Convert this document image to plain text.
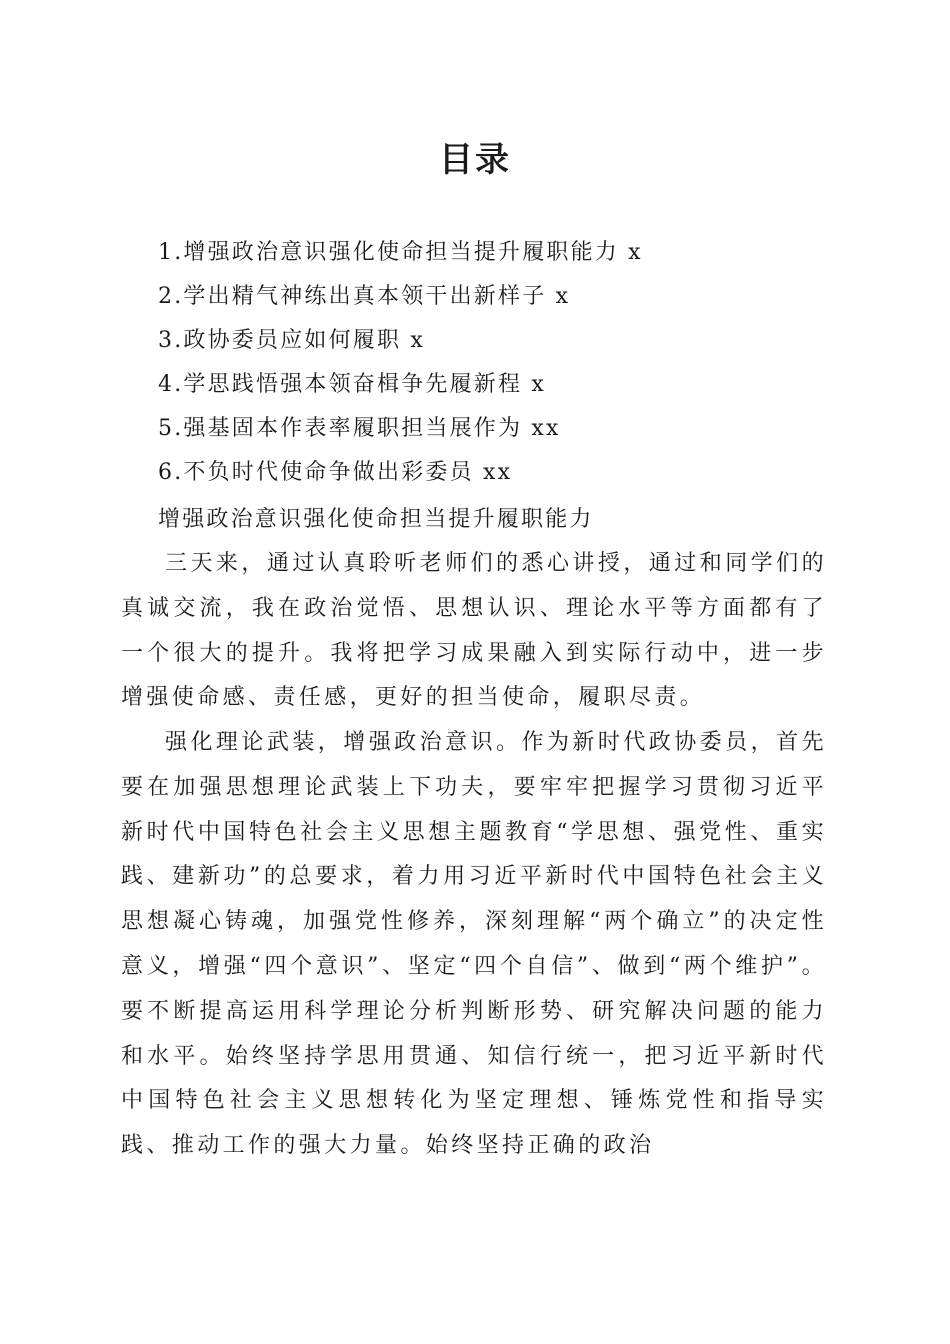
目录
1.增强政治意识强化使命担当提升履职能力 x
2.学出精气神练出真本领干出新样子 x
3.政协委员应如何履职 x
4.学思践悟强本领奋楫争先履新程 x
5.强基固本作表率履职担当展作为 xx
6.不负时代使命争做出彩委员 xx
增强政治意识强化使命担当提升履职能力

三天来，通过认真聆听老师们的悉心讲授，通过和同学们的真诚交流，我在政治觉悟、思想认识、理论水平等方面都有了一个很大的提升。我将把学习成果融入到实际行动中，进一步增强使命感、责任感，更好的担当使命，履职尽责。

强化理论武装，增强政治意识。作为新时代政协委员，首先要在加强思想理论武装上下功夫，要牢牢把握学习贯彻习近平新时代中国特色社会主义思想主题教育“学思想、强党性、重实践、建新功”的总要求，着力用习近平新时代中国特色社会主义思想凝心铸魂，加强党性修养，深刻理解“两个确立”的决定性意义，增强“四个意识”、坚定“四个自信”、做到“两个维护”。要不断提高运用科学理论分析判断形势、研究解决问题的能力和水平。始终坚持学思用贯通、知信行统一，把习近平新时代中国特色社会主义思想转化为坚定理想、锤炼党性和指导实践、推动工作的强大力量。始终坚持正确的政治
